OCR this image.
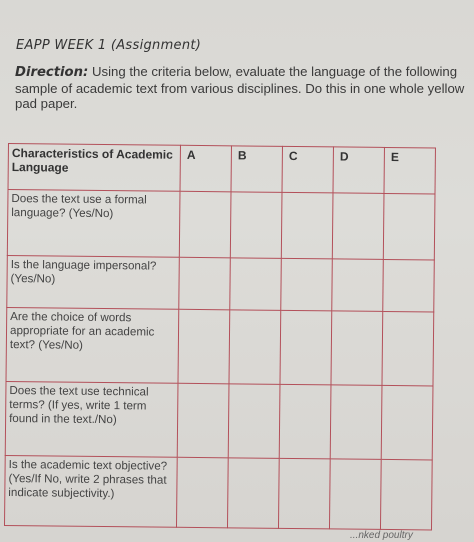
EAPP WEEK 1 (Assignment)
Direction: Using the criteria below, evaluate the language of the following sample of academic text from various disciplines. Do this in one whole yellow pad paper.
Characteristics of Academic Language	A	B	C	D	E
Does the text use a formal language? (Yes/No)					
Is the language impersonal? (Yes/No)					
Are the choice of words appropriate for an academic text? (Yes/No)					
Does the text use technical terms? (If yes, write 1 term found in the text./No)					
Is the academic text objective? (Yes/If No, write 2 phrases that indicate subjectivity.)					
...nked poultry
